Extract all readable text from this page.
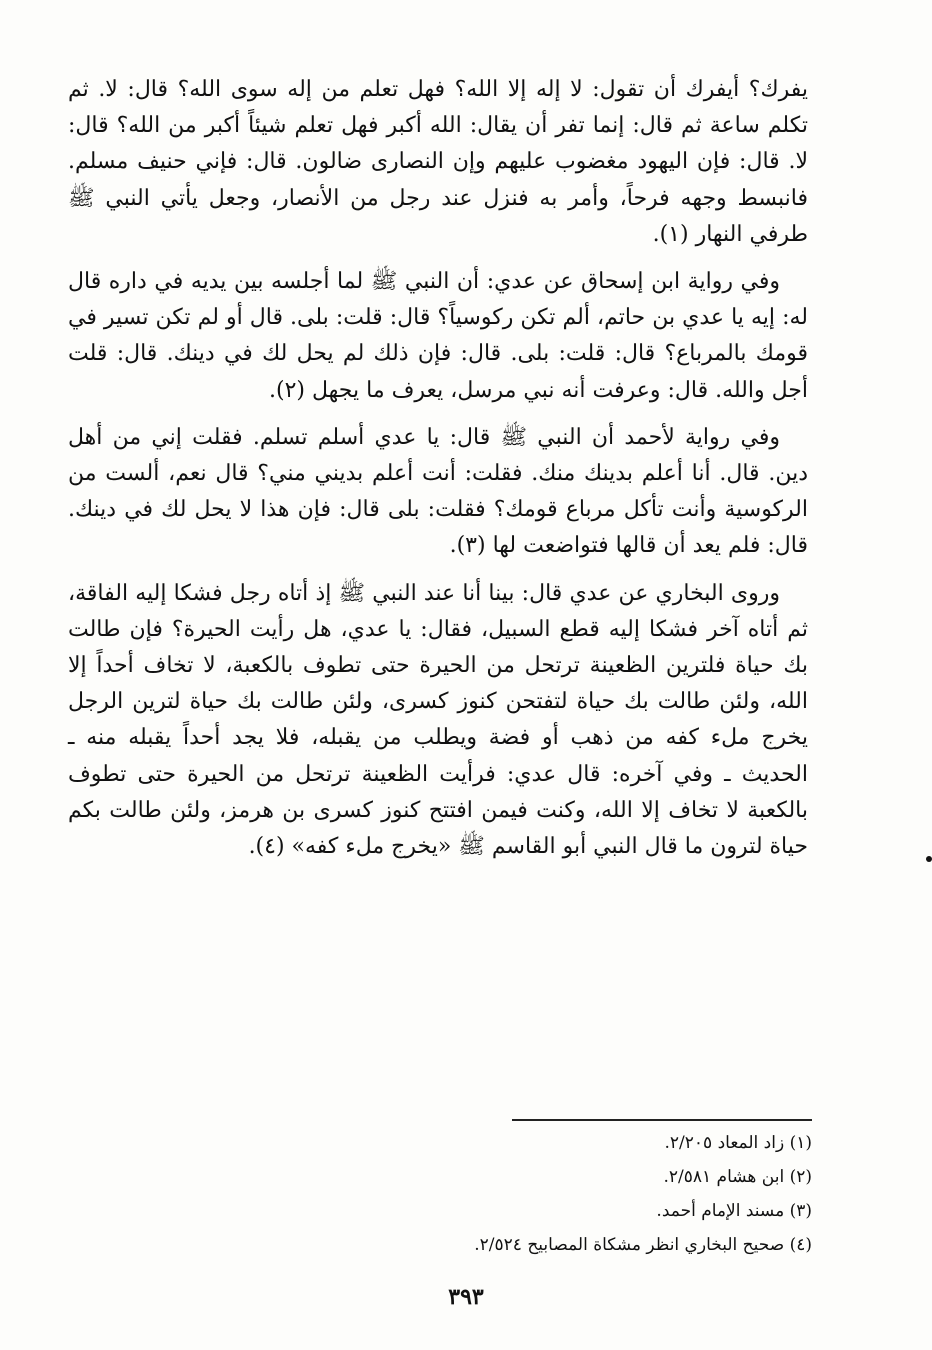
يفرك؟ أيفرك أن تقول: لا إله إلا الله؟ فهل تعلم من إله سوى الله؟ قال: لا. ثم تكلم ساعة ثم قال: إنما تفر أن يقال: الله أكبر فهل تعلم شيئاً أكبر من الله؟ قال: لا. قال: فإن اليهود مغضوب عليهم وإن النصارى ضالون. قال: فإني حنيف مسلم. فانبسط وجهه فرحاً، وأمر به فنزل عند رجل من الأنصار، وجعل يأتي النبي ﷺ طرفي النهار (١).

وفي رواية ابن إسحاق عن عدي: أن النبي ﷺ لما أجلسه بين يديه في داره قال له: إيه يا عدي بن حاتم، ألم تكن ركوسياً؟ قال: قلت: بلى. قال أو لم تكن تسير في قومك بالمرباع؟ قال: قلت: بلى. قال: فإن ذلك لم يحل لك في دينك. قال: قلت أجل والله. قال: وعرفت أنه نبي مرسل، يعرف ما يجهل (٢).

وفي رواية لأحمد أن النبي ﷺ قال: يا عدي أسلم تسلم. فقلت إني من أهل دين. قال. أنا أعلم بدينك منك. فقلت: أنت أعلم بديني مني؟ قال نعم، ألست من الركوسية وأنت تأكل مرباع قومك؟ فقلت: بلى قال: فإن هذا لا يحل لك في دينك. قال: فلم يعد أن قالها فتواضعت لها (٣).

وروى البخاري عن عدي قال: بينا أنا عند النبي ﷺ إذ أتاه رجل فشكا إليه الفاقة، ثم أتاه آخر فشكا إليه قطع السبيل، فقال: يا عدي، هل رأيت الحيرة؟ فإن طالت بك حياة فلترين الظعينة ترتحل من الحيرة حتى تطوف بالكعبة، لا تخاف أحداً إلا الله، ولئن طالت بك حياة لتفتحن كنوز كسرى، ولئن طالت بك حياة لترين الرجل يخرج ملء كفه من ذهب أو فضة ويطلب من يقبله، فلا يجد أحداً يقبله منه ـ الحديث ـ وفي آخره: قال عدي: فرأيت الظعينة ترتحل من الحيرة حتى تطوف بالكعبة لا تخاف إلا الله، وكنت فيمن افتتح كنوز كسرى بن هرمز، ولئن طالت بكم حياة لترون ما قال النبي أبو القاسم ﷺ «يخرج ملء كفه» (٤).

(١) زاد المعاد ٢/٢٠٥.

(٢) ابن هشام ٢/٥٨١.

(٣) مسند الإمام أحمد.

(٤) صحيح البخاري انظر مشكاة المصابيح ٢/٥٢٤.

٣٩٣
